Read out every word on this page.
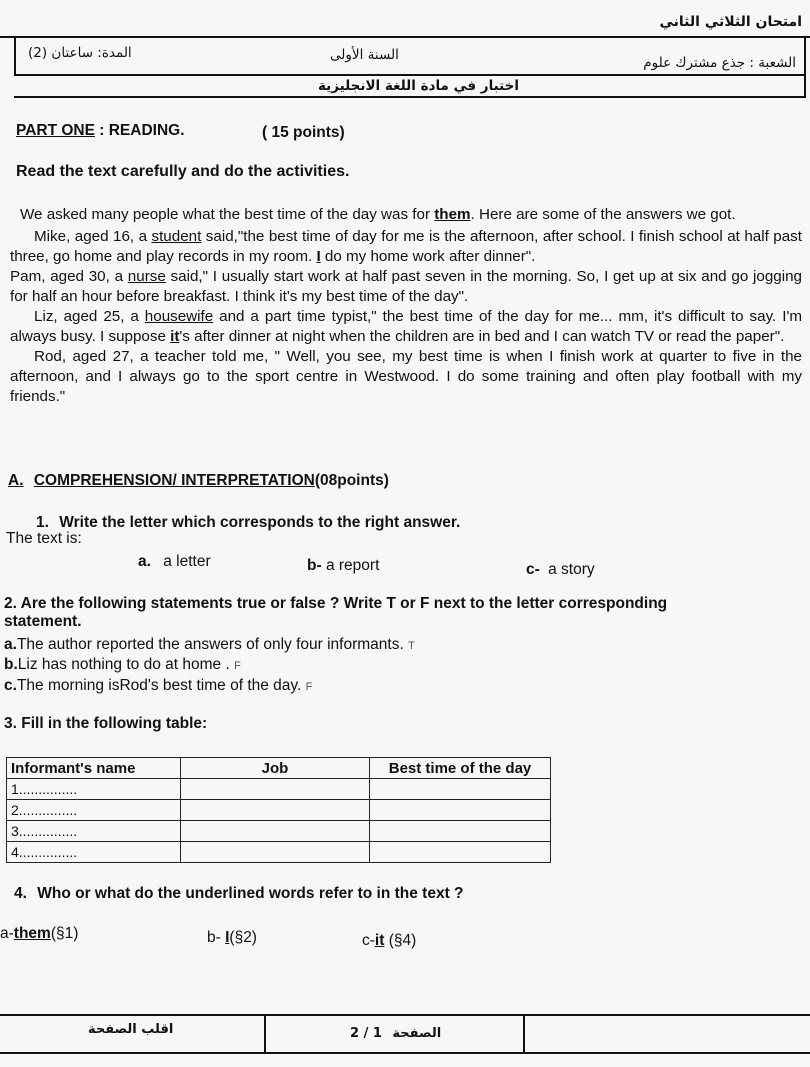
امتحان الثلاثي الثاني
الشعبة : جذع مشترك علوم
السنة الأولى
المدة: ساعتان (2)
اختبار في مادة اللغة الانجليزية
PART ONE : READING.	( 15 points)
Read the text carefully and do the activities.

We asked many people what the best time of the day was for them. Here are some of the answers we got.

Mike, aged 16, a student said,"the best time of day for me is the afternoon, after school. I finish school at half past three, go home and play records in my room. I do my home work after dinner".

Pam, aged 30, a nurse said," I usually start work at half past seven in the morning. So, I get up at six and go jogging for half an hour before breakfast. I think it's my best time of the day".

Liz, aged 25, a housewife and a part time typist," the best time of the day for me... mm, it's difficult to say. I'm always busy. I suppose it's after dinner at night when the children are in bed and I can watch TV or read the paper".

Rod, aged 27, a teacher told me, " Well, you see, my best time is when I finish work at quarter to five in the afternoon, and I always go to the sport centre in Westwood. I do some training and often play football with my friends."

A. COMPREHENSION/ INTERPRETATION(08points)
1. Write the letter which corresponds to the right answer.
The text is:
a. a letter	b- a report	c- a story
2. Are the following statements true or false ? Write T or F next to the letter corresponding
statement.
a.The author reported the answers of only four informants. T
b.Liz has nothing to do at home . F
c.The morning isRod's best time of the day. F
3. Fill in the following table:
Informant's name	Job	Best time of the day
1...............		
2...............		
3...............		
4...............		
4. Who or what do the underlined words refer to in the text ?
a-them(§1)	b- I(§2)	c-it (§4)
اقلب الصفحة	2 / 1 الصفحة
